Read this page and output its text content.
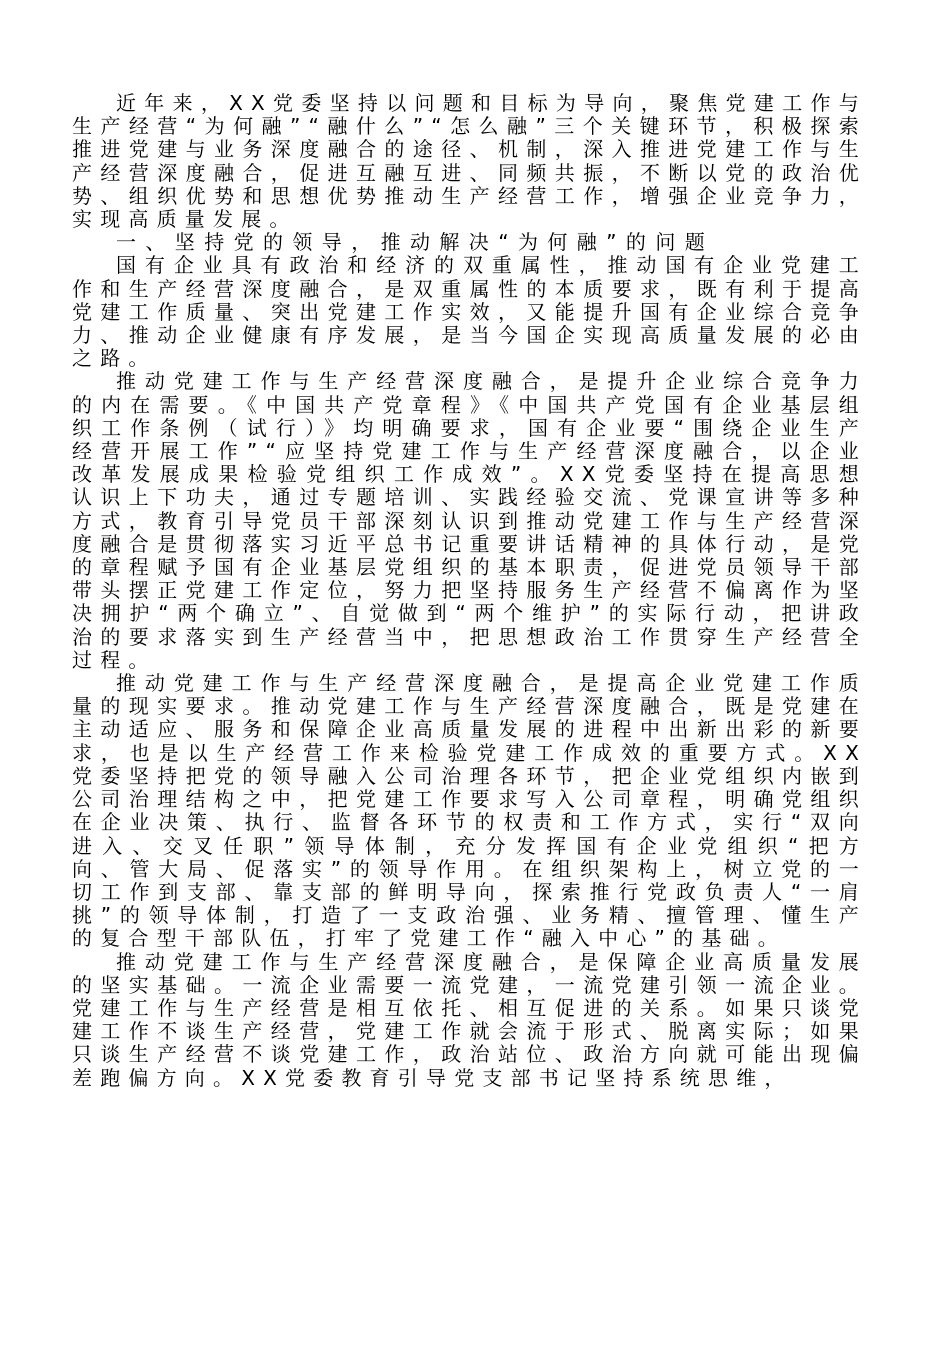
近年来，XX党委坚持以问题和目标为导向，聚焦党建工作与生产经营“为何融”“融什么”“怎么融”三个关键环节，积极探索推进党建与业务深度融合的途径、机制，深入推进党建工作与生产经营深度融合，促进互融互进、同频共振，不断以党的政治优势、组织优势和思想优势推动生产经营工作，增强企业竞争力，实现高质量发展。

一、坚持党的领导，推动解决“为何融”的问题

国有企业具有政治和经济的双重属性，推动国有企业党建工作和生产经营深度融合，是双重属性的本质要求，既有利于提高党建工作质量、突出党建工作实效，又能提升国有企业综合竞争力、推动企业健康有序发展，是当今国企实现高质量发展的必由之路。

推动党建工作与生产经营深度融合，是提升企业综合竞争力的内在需要。《中国共产党章程》《中国共产党国有企业基层组织工作条例（试行）》均明确要求，国有企业要“围绕企业生产经营开展工作”“应坚持党建工作与生产经营深度融合，以企业改革发展成果检验党组织工作成效”。XX党委坚持在提高思想认识上下功夫，通过专题培训、实践经验交流、党课宣讲等多种方式，教育引导党员干部深刻认识到推动党建工作与生产经营深度融合是贯彻落实习近平总书记重要讲话精神的具体行动，是党的章程赋予国有企业基层党组织的基本职责，促进党员领导干部带头摆正党建工作定位，努力把坚持服务生产经营不偏离作为坚决拥护“两个确立”、自觉做到“两个维护”的实际行动，把讲政治的要求落实到生产经营当中，把思想政治工作贯穿生产经营全过程。

推动党建工作与生产经营深度融合，是提高企业党建工作质量的现实要求。推动党建工作与生产经营深度融合，既是党建在主动适应、服务和保障企业高质量发展的进程中出新出彩的新要求，也是以生产经营工作来检验党建工作成效的重要方式。XX党委坚持把党的领导融入公司治理各环节，把企业党组织内嵌到公司治理结构之中，把党建工作要求写入公司章程，明确党组织在企业决策、执行、监督各环节的权责和工作方式，实行“双向进入、交叉任职”领导体制，充分发挥国有企业党组织“把方向、管大局、促落实”的领导作用。在组织架构上，树立党的一切工作到支部、靠支部的鲜明导向，探索推行党政负责人“一肩挑”的领导体制，打造了一支政治强、业务精、擅管理、懂生产的复合型干部队伍，打牢了党建工作“融入中心”的基础。

推动党建工作与生产经营深度融合，是保障企业高质量发展的坚实基础。一流企业需要一流党建，一流党建引领一流企业。党建工作与生产经营是相互依托、相互促进的关系。如果只谈党建工作不谈生产经营，党建工作就会流于形式、脱离实际；如果只谈生产经营不谈党建工作，政治站位、政治方向就可能出现偏差跑偏方向。XX党委教育引导党支部书记坚持系统思维，
